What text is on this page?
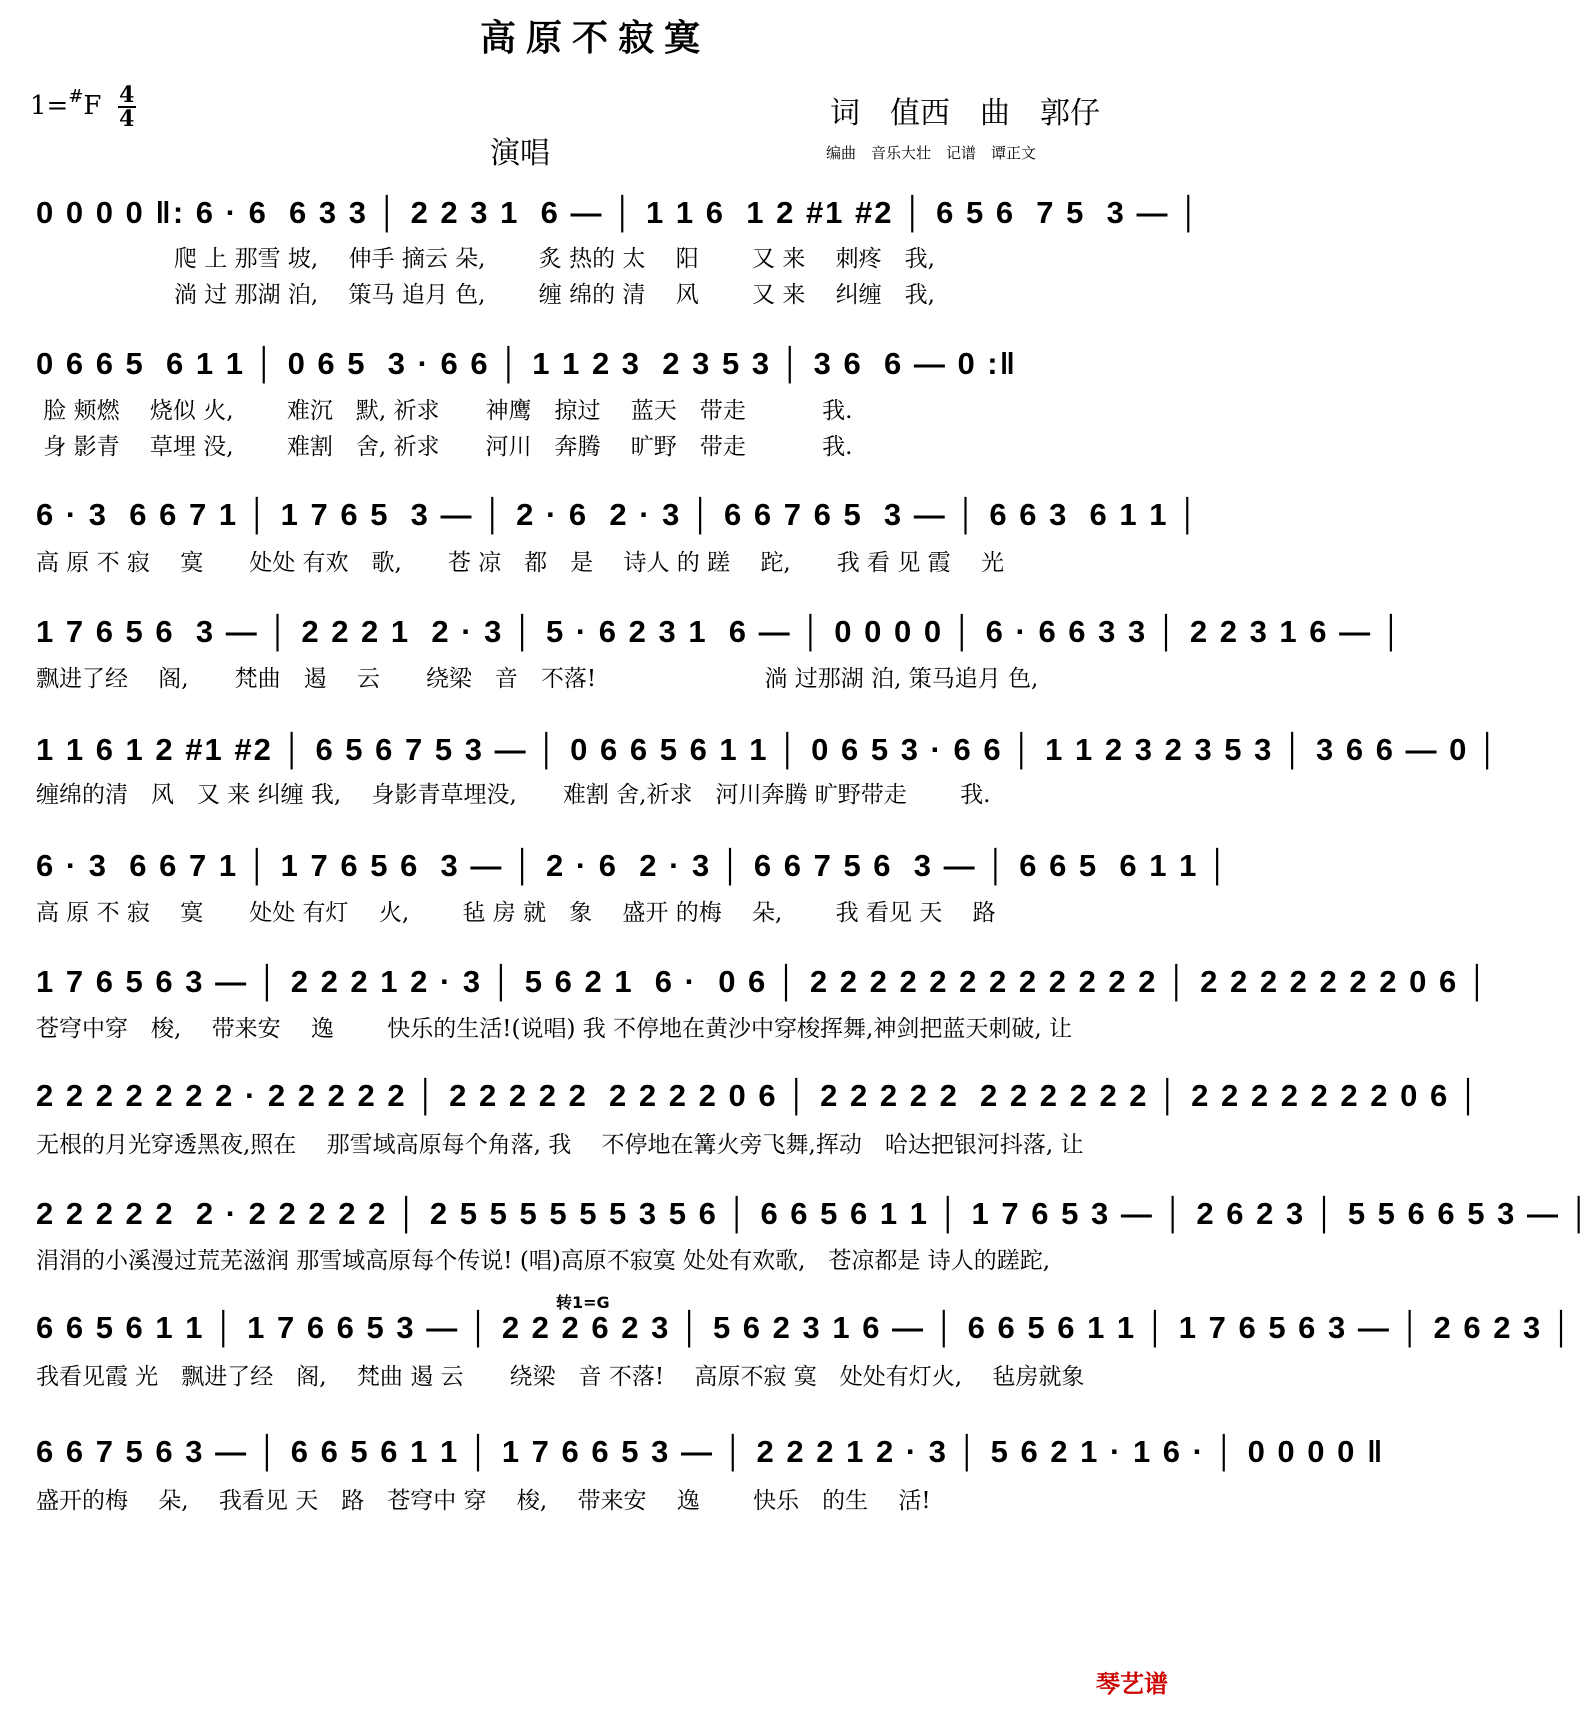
高原不寂寞
$1=^{\#}F \frac{4}{4}$
演唱
词　值西　曲　郭仔
编曲　音乐大壮　记谱　谭正文
转1=G
0 0 0 0 ‖: 6 · 6  6 3 3 │ 2 2 3 1  6 — │ 1 1 6  1 2 #1 #2 │ 6 5 6  7 5  3 — │
　　　　　　爬 上 那雪 坡,　 伸手 摘云 朵,　　 炙 热的 太　 阳　　 又 来　 刺疼　我,
　　　　　　淌 过 那湖 泊,　 策马 追月 色,　　 缠 绵的 清　 风　　 又 来　 纠缠　我,
0 6 6 5  6 1 1 │ 0 6 5  3 · 6 6 │ 1 1 2 3  2 3 5 3 │ 3 6  6 — 0 :‖
脸 颊燃　 烧似 火,　　 难沉　默, 祈求　　神鹰　掠过　 蓝天　带走　　　 我.
身 影青　 草埋 没,　　 难割　舍, 祈求　　河川　奔腾　 旷野　带走　　　 我.
6 · 3  6 6 7 1 │ 1 7 6 5  3 — │ 2 · 6  2 · 3 │ 6 6 7 6 5  3 — │ 6 6 3  6 1 1 │
高 原 不 寂　 寞　　处处 有欢　歌,　　苍 凉　都　是　 诗人 的 蹉　 跎,　　我 看 见 霞　 光
1 7 6 5 6  3 — │ 2 2 2 1  2 · 3 │ 5 · 6 2 3 1  6 — │ 0 0 0 0 │ 6 · 6 6 3 3 │ 2 2 3 1 6 — │
飘进了经　 阁,　　梵曲　遏　 云　　绕梁　音　不落!　　　　　　　 淌 过那湖 泊, 策马追月 色,
1 1 6 1 2 #1 #2 │ 6 5 6 7 5 3 — │ 0 6 6 5 6 1 1 │ 0 6 5 3 · 6 6 │ 1 1 2 3 2 3 5 3 │ 3 6 6 — 0 │
缠绵的清　风　又 来 纠缠 我,　 身影青草埋没,　　难割 舍,祈求　河川奔腾 旷野带走　　 我.
6 · 3  6 6 7 1 │ 1 7 6 5 6  3 — │ 2 · 6  2 · 3 │ 6 6 7 5 6  3 — │ 6 6 5  6 1 1 │
高 原 不 寂　 寞　　处处 有灯　 火,　　 毡 房 就　象　 盛开 的梅　 朵,　　 我 看见 天　 路
1 7 6 5 6 3 — │ 2 2 2 1 2 · 3 │ 5 6 2 1  6 ·  0 6 │ 2 2 2 2 2 2 2 2 2 2 2 2 │ 2 2 2 2 2 2 2 0 6 │
苍穹中穿　梭,　 带来安　 逸　　 快乐的生活!(说唱) 我 不停地在黄沙中穿梭挥舞,神剑把蓝天刺破, 让
2 2 2 2 2 2 2 · 2 2 2 2 2 │ 2 2 2 2 2  2 2 2 2 0 6 │ 2 2 2 2 2  2 2 2 2 2 2 │ 2 2 2 2 2 2 2 0 6 │
无根的月光穿透黑夜,照在　 那雪域高原每个角落, 我　 不停地在篝火旁飞舞,挥动　哈达把银河抖落, 让
2 2 2 2 2  2 · 2 2 2 2 2 │ 2 5 5 5 5 5 5 3 5 6 │ 6 6 5 6 1 1 │ 1 7 6 5 3 — │ 2 6 2 3 │ 5 5 6 6 5 3 — │
涓涓的小溪漫过荒芜滋润 那雪域高原每个传说! (唱)高原不寂寞 处处有欢歌,　苍凉都是 诗人的蹉跎,
6 6 5 6 1 1 │ 1 7 6 6 5 3 — │ 2 2 2 6 2 3 │ 5 6 2 3 1 6 — │ 6 6 5 6 1 1 │ 1 7 6 5 6 3 — │ 2 6 2 3 │
我看见霞 光　飘进了经　阁,　 梵曲 遏 云　　绕梁　音 不落!　 高原不寂 寞　处处有灯火,　 毡房就象
6 6 7 5 6 3 — │ 6 6 5 6 1 1 │ 1 7 6 6 5 3 — │ 2 2 2 1 2 · 3 │ 5 6 2 1 · 1 6 · │ 0 0 0 0 ‖
盛开的梅　 朵,　 我看见 天　路　苍穹中 穿　 梭,　 带来安　 逸　　 快乐　的生　 活!
琴艺谱
